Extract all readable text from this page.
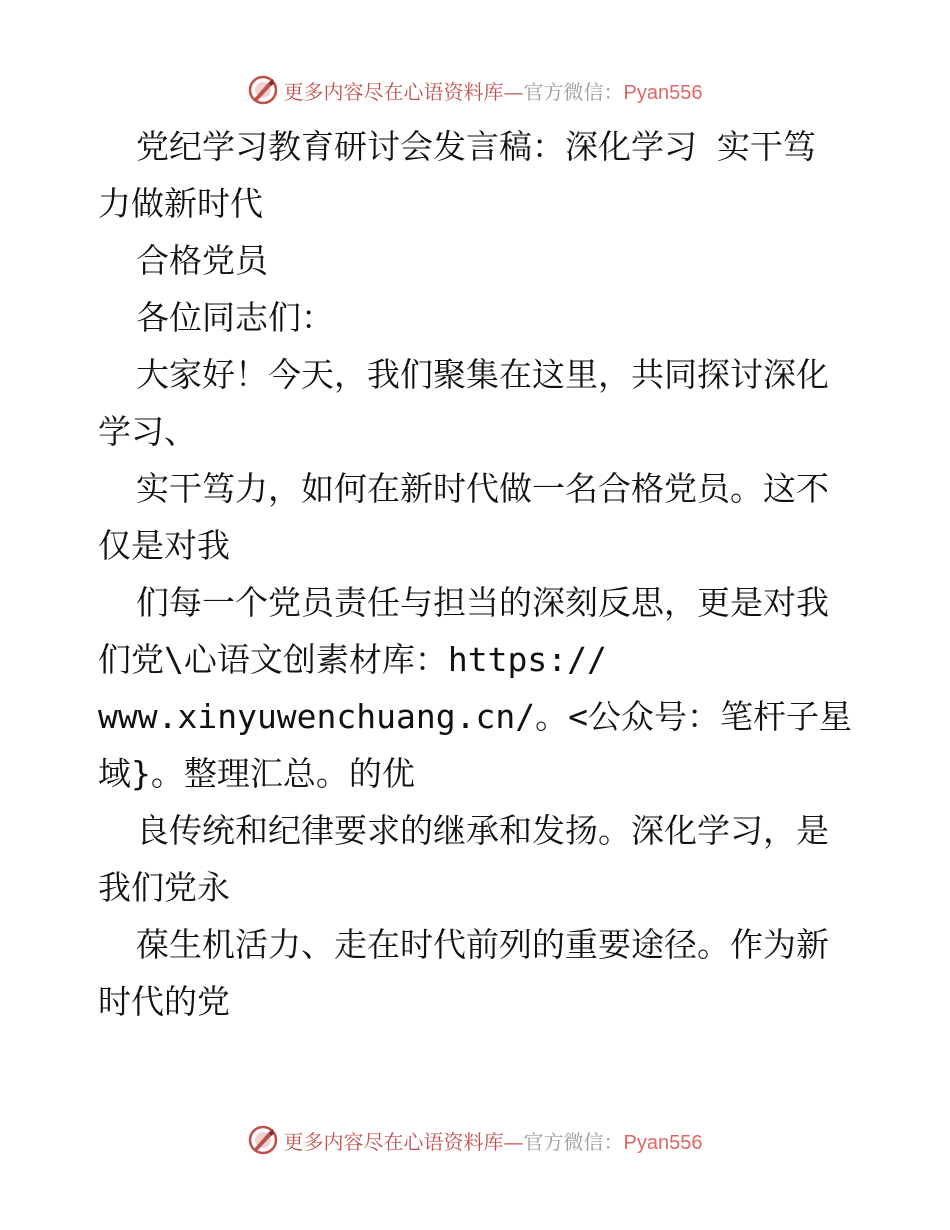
更多内容尽在心语资料库—官方微信：Pyan556
党纪学习教育研讨会发言稿：深化学习 实干笃
力做新时代
合格党员
各位同志们：
大家好！今天，我们聚集在这里，共同探讨深化
学习、
实干笃力，如何在新时代做一名合格党员。这不
仅是对我
们每一个党员责任与担当的深刻反思，更是对我
们党\心语文创素材库：https://
www.xinyuwenchuang.cn/。<公众号：笔杆子星
域}。整理汇总。的优
良传统和纪律要求的继承和发扬。深化学习，是
我们党永
葆生机活力、走在时代前列的重要途径。作为新
时代的党
更多内容尽在心语资料库—官方微信：Pyan556
